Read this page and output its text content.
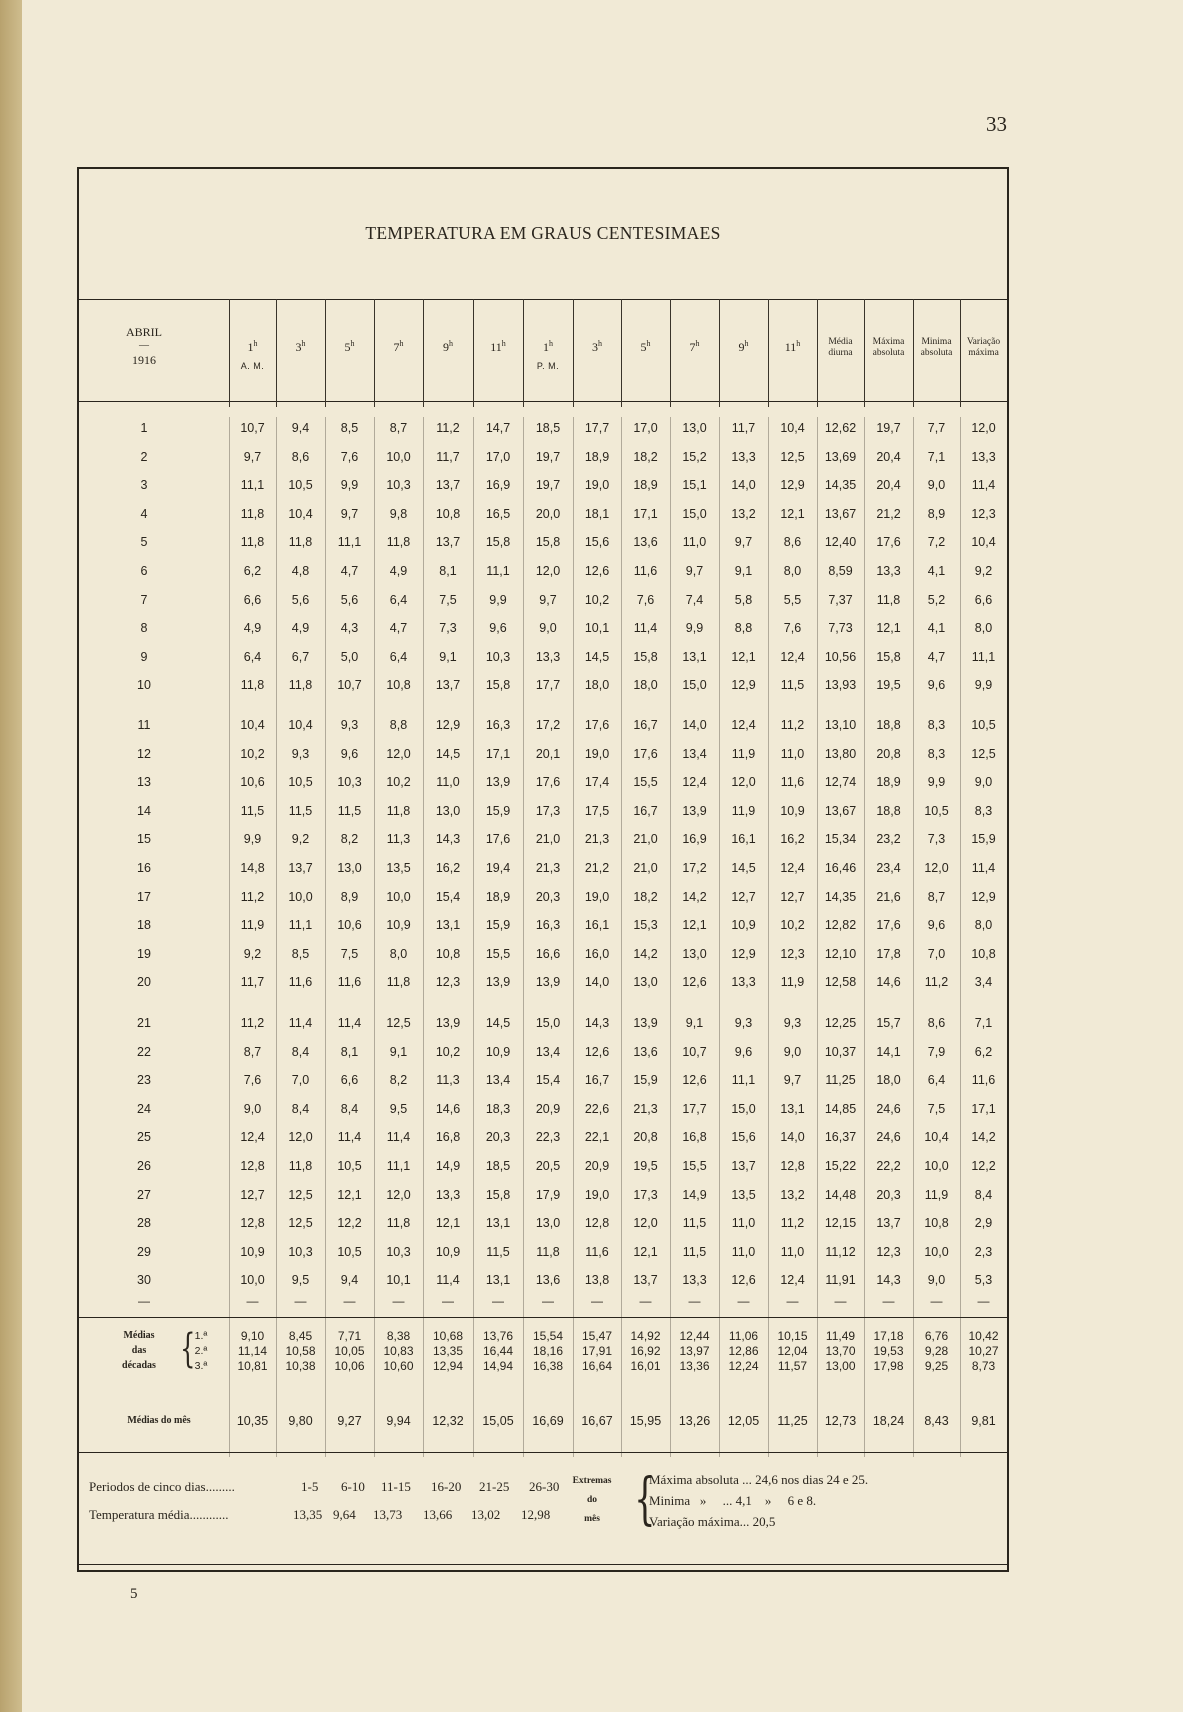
33
5
TEMPERATURA EM GRAUS CENTESIMAES
ABRIL
—
1916
1$^h$	3$^h$	5$^h$	7$^h$	9$^h$	11$^h$	1$^h$	3$^h$	5$^h$	7$^h$	9$^h$	11$^h$
A. M.	P. M.
Média
diurna
Máxima
absoluta
Minima
absoluta
Variação
máxima
1	10,7	9,4	8,5	8,7	11,2	14,7	18,5	17,7	17,0	13,0	11,7	10,4	12,62	19,7	7,7	12,0
2	9,7	8,6	7,6	10,0	11,7	17,0	19,7	18,9	18,2	15,2	13,3	12,5	13,69	20,4	7,1	13,3
3	11,1	10,5	9,9	10,3	13,7	16,9	19,7	19,0	18,9	15,1	14,0	12,9	14,35	20,4	9,0	11,4
4	11,8	10,4	9,7	9,8	10,8	16,5	20,0	18,1	17,1	15,0	13,2	12,1	13,67	21,2	8,9	12,3
5	11,8	11,8	11,1	11,8	13,7	15,8	15,8	15,6	13,6	11,0	9,7	8,6	12,40	17,6	7,2	10,4
6	6,2	4,8	4,7	4,9	8,1	11,1	12,0	12,6	11,6	9,7	9,1	8,0	8,59	13,3	4,1	9,2
7	6,6	5,6	5,6	6,4	7,5	9,9	9,7	10,2	7,6	7,4	5,8	5,5	7,37	11,8	5,2	6,6
8	4,9	4,9	4,3	4,7	7,3	9,6	9,0	10,1	11,4	9,9	8,8	7,6	7,73	12,1	4,1	8,0
9	6,4	6,7	5,0	6,4	9,1	10,3	13,3	14,5	15,8	13,1	12,1	12,4	10,56	15,8	4,7	11,1
10	11,8	11,8	10,7	10,8	13,7	15,8	17,7	18,0	18,0	15,0	12,9	11,5	13,93	19,5	9,6	9,9
11	10,4	10,4	9,3	8,8	12,9	16,3	17,2	17,6	16,7	14,0	12,4	11,2	13,10	18,8	8,3	10,5
12	10,2	9,3	9,6	12,0	14,5	17,1	20,1	19,0	17,6	13,4	11,9	11,0	13,80	20,8	8,3	12,5
13	10,6	10,5	10,3	10,2	11,0	13,9	17,6	17,4	15,5	12,4	12,0	11,6	12,74	18,9	9,9	9,0
14	11,5	11,5	11,5	11,8	13,0	15,9	17,3	17,5	16,7	13,9	11,9	10,9	13,67	18,8	10,5	8,3
15	9,9	9,2	8,2	11,3	14,3	17,6	21,0	21,3	21,0	16,9	16,1	16,2	15,34	23,2	7,3	15,9
16	14,8	13,7	13,0	13,5	16,2	19,4	21,3	21,2	21,0	17,2	14,5	12,4	16,46	23,4	12,0	11,4
17	11,2	10,0	8,9	10,0	15,4	18,9	20,3	19,0	18,2	14,2	12,7	12,7	14,35	21,6	8,7	12,9
18	11,9	11,1	10,6	10,9	13,1	15,9	16,3	16,1	15,3	12,1	10,9	10,2	12,82	17,6	9,6	8,0
19	9,2	8,5	7,5	8,0	10,8	15,5	16,6	16,0	14,2	13,0	12,9	12,3	12,10	17,8	7,0	10,8
20	11,7	11,6	11,6	11,8	12,3	13,9	13,9	14,0	13,0	12,6	13,3	11,9	12,58	14,6	11,2	3,4
21	11,2	11,4	11,4	12,5	13,9	14,5	15,0	14,3	13,9	9,1	9,3	9,3	12,25	15,7	8,6	7,1
22	8,7	8,4	8,1	9,1	10,2	10,9	13,4	12,6	13,6	10,7	9,6	9,0	10,37	14,1	7,9	6,2
23	7,6	7,0	6,6	8,2	11,3	13,4	15,4	16,7	15,9	12,6	11,1	9,7	11,25	18,0	6,4	11,6
24	9,0	8,4	8,4	9,5	14,6	18,3	20,9	22,6	21,3	17,7	15,0	13,1	14,85	24,6	7,5	17,1
25	12,4	12,0	11,4	11,4	16,8	20,3	22,3	22,1	20,8	16,8	15,6	14,0	16,37	24,6	10,4	14,2
26	12,8	11,8	10,5	11,1	14,9	18,5	20,5	20,9	19,5	15,5	13,7	12,8	15,22	22,2	10,0	12,2
27	12,7	12,5	12,1	12,0	13,3	15,8	17,9	19,0	17,3	14,9	13,5	13,2	14,48	20,3	11,9	8,4
28	12,8	12,5	12,2	11,8	12,1	13,1	13,0	12,8	12,0	11,5	11,0	11,2	12,15	13,7	10,8	2,9
29	10,9	10,3	10,5	10,3	10,9	11,5	11,8	11,6	12,1	11,5	11,0	11,0	11,12	12,3	10,0	2,3
30	10,0	9,5	9,4	10,1	11,4	13,1	13,6	13,8	13,7	13,3	12,6	12,4	11,91	14,3	9,0	5,3
—	—	—	—	—	—	—	—	—	—	—	—	—	—	—	—	—
Médias
das
décadas { 1.ª
2.ª
3.ª
9,10	8,45	7,71	8,38	10,68	13,76	15,54	15,47	14,92	12,44	11,06	10,15	11,49	17,18	6,76	10,42
11,14	10,58	10,05	10,83	13,35	16,44	18,16	17,91	16,92	13,97	12,86	12,04	13,70	19,53	9,28	10,27
10,81	10,38	10,06	10,60	12,94	14,94	16,38	16,64	16,01	13,36	12,24	11,57	13,00	17,98	9,25	8,73
Médias do mês	10,35	9,80	9,27	9,94	12,32	15,05	16,69	16,67	15,95	13,26	12,05	11,25	12,73	18,24	8,43	9,81
Periodos de cinco dias.........
Temperatura média............
1-5 6-10 11-15 16-20 21-25 26-30
13,35 9,64 13,73 13,66 13,02 12,98
Extremas
do
mês {
Máxima absoluta ... 24,6 nos dias 24 e 25.
Minima   »     ... 4,1    »     6 e 8.
Variação máxima... 20,5
